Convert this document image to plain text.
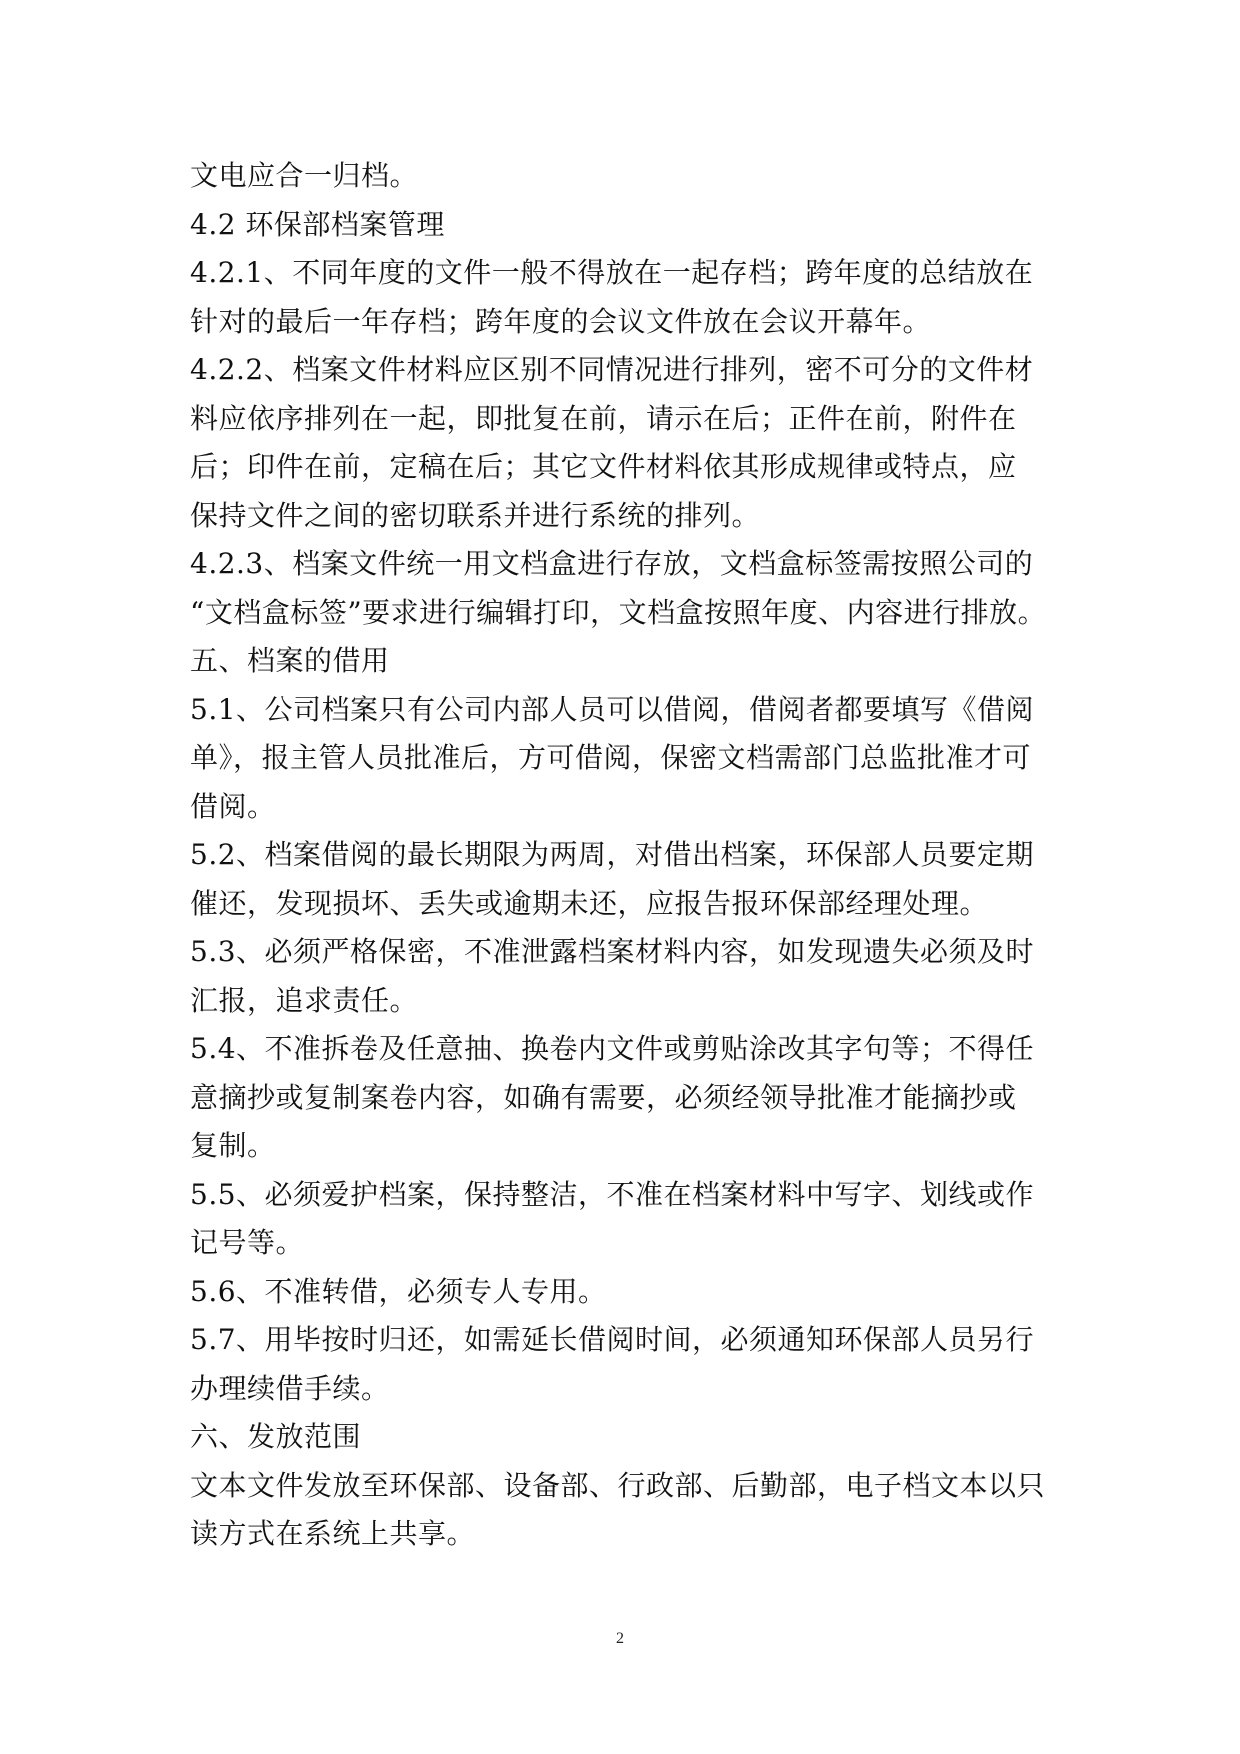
文电应合一归档。
4.2 环保部档案管理
4.2.1、不同年度的文件一般不得放在一起存档；跨年度的总结放在
针对的最后一年存档；跨年度的会议文件放在会议开幕年。
4.2.2、档案文件材料应区别不同情况进行排列，密不可分的文件材
料应依序排列在一起，即批复在前，请示在后；正件在前，附件在
后；印件在前，定稿在后；其它文件材料依其形成规律或特点，应
保持文件之间的密切联系并进行系统的排列。
4.2.3、档案文件统一用文档盒进行存放，文档盒标签需按照公司的
“文档盒标签”要求进行编辑打印，文档盒按照年度、内容进行排放。
五、档案的借用
5.1、公司档案只有公司内部人员可以借阅，借阅者都要填写《借阅
单》，报主管人员批准后，方可借阅，保密文档需部门总监批准才可
借阅。
5.2、档案借阅的最长期限为两周，对借出档案，环保部人员要定期
催还，发现损坏、丢失或逾期未还，应报告报环保部经理处理。
5.3、必须严格保密，不准泄露档案材料内容，如发现遗失必须及时
汇报，追求责任。
5.4、不准拆卷及任意抽、换卷内文件或剪贴涂改其字句等；不得任
意摘抄或复制案卷内容，如确有需要，必须经领导批准才能摘抄或
复制。
5.5、必须爱护档案，保持整洁，不准在档案材料中写字、划线或作
记号等。
5.6、不准转借，必须专人专用。
5.7、用毕按时归还，如需延长借阅时间，必须通知环保部人员另行
办理续借手续。
六、发放范围
文本文件发放至环保部、设备部、行政部、后勤部，电子档文本以只
读方式在系统上共享。
2
